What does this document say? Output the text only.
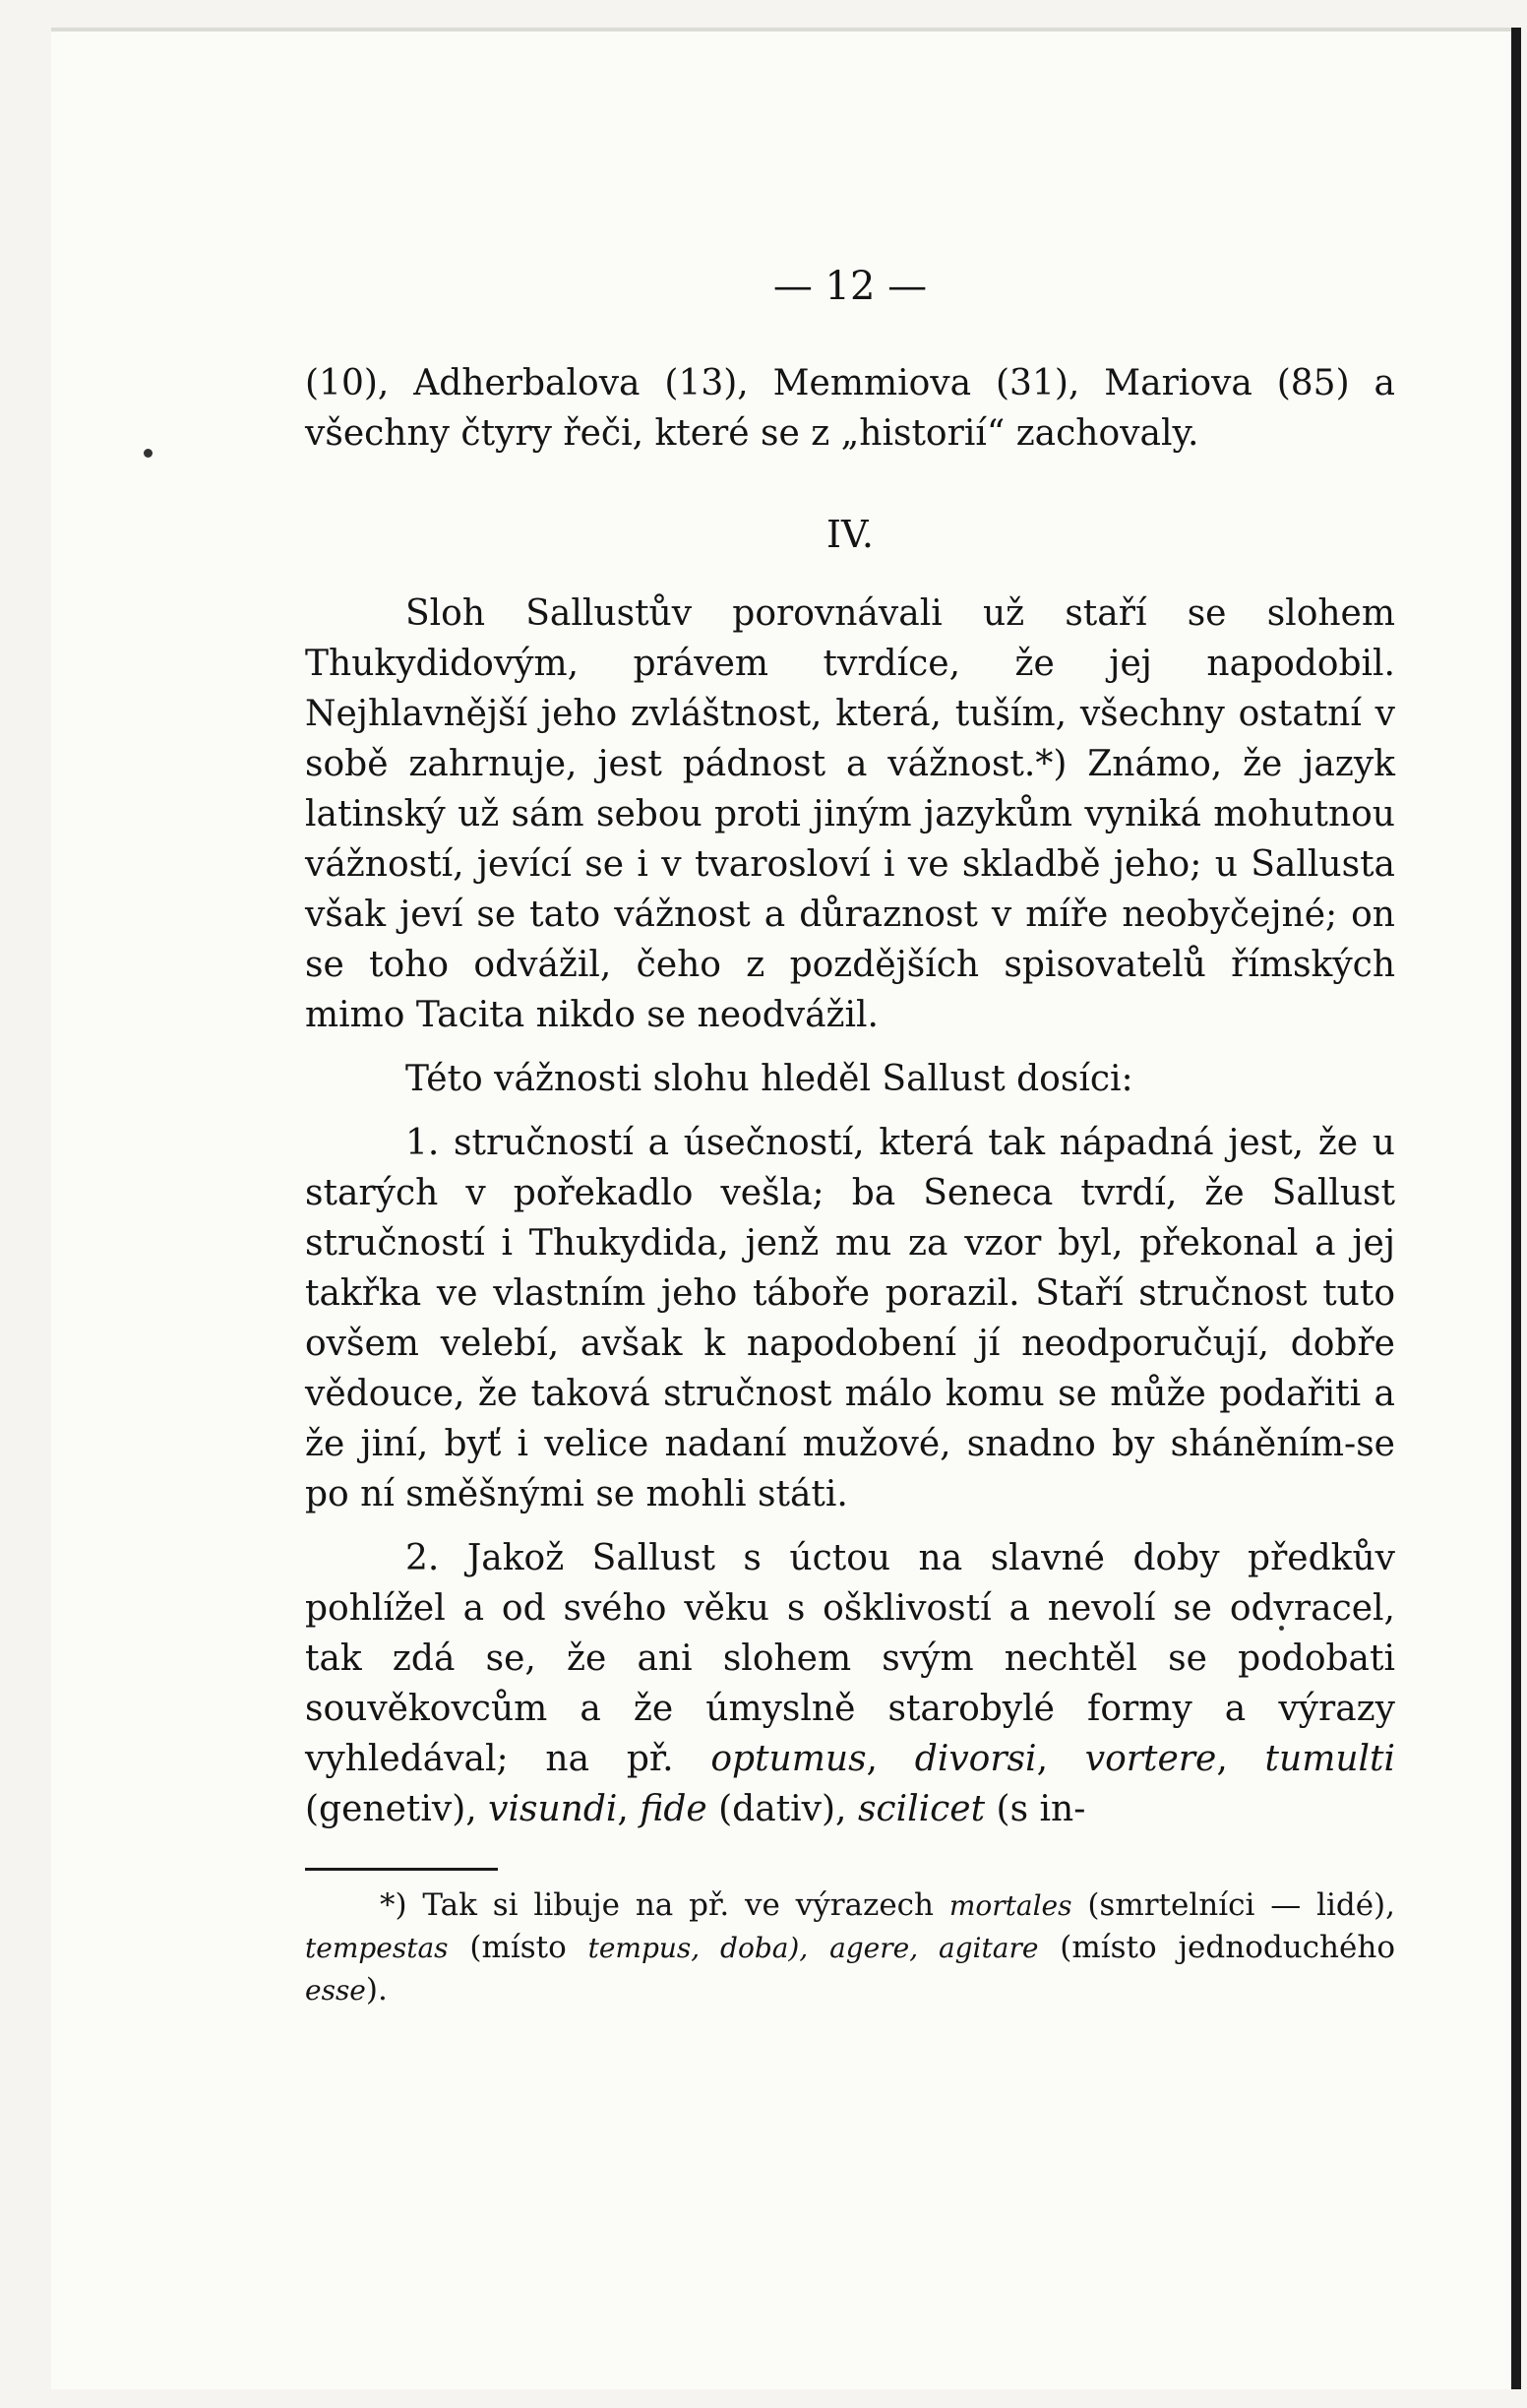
— 12 —

(10), Adherbalova (13), Memmiova (31), Mariova (85) a všechny čtyry řeči, které se z „historií“ zachovaly.

IV.

Sloh Sallustův porovnávali už staří se slohem Thukydidovým, právem tvrdíce, že jej napodobil. Nejhlavnější jeho zvláštnost, která, tuším, všechny ostatní v sobě zahrnuje, jest pádnost a vážnost.*) Známo, že jazyk latinský už sám sebou proti jiným jazykům vyniká mohutnou vážností, jevící se i v tvarosloví i ve skladbě jeho; u Sallusta však jeví se tato vážnost a důraznost v míře neobyčejné; on se toho odvážil, čeho z pozdějších spisovatelů římských mimo Tacita nikdo se neodvážil.

Této vážnosti slohu hleděl Sallust dosíci:

1. stručností a úsečností, která tak nápadná jest, že u starých v pořekadlo vešla; ba Seneca tvrdí, že Sallust stručností i Thukydida, jenž mu za vzor byl, překonal a jej takřka ve vlastním jeho táboře porazil. Staří stručnost tuto ovšem velebí, avšak k napodobení jí neodporučují, dobře vědouce, že taková stručnost málo komu se může podařiti a že jiní, byť i velice nadaní mužové, snadno by sháněním-se po ní směšnými se mohli státi.

2. Jakož Sallust s úctou na slavné doby předkův pohlížel a od svého věku s ošklivostí a nevolí se odvracel, tak zdá se, že ani slohem svým nechtěl se podobati souvěkovcům a že úmyslně starobylé formy a výrazy vyhledával; na př. optumus, divorsi, vortere, tumulti (genetiv), visundi, fide (dativ), scilicet (s in-

*) Tak si libuje na př. ve výrazech mortales (smrtelníci — lidé), tempestas (místo tempus, doba), agere, agitare (místo jednoduchého esse).
